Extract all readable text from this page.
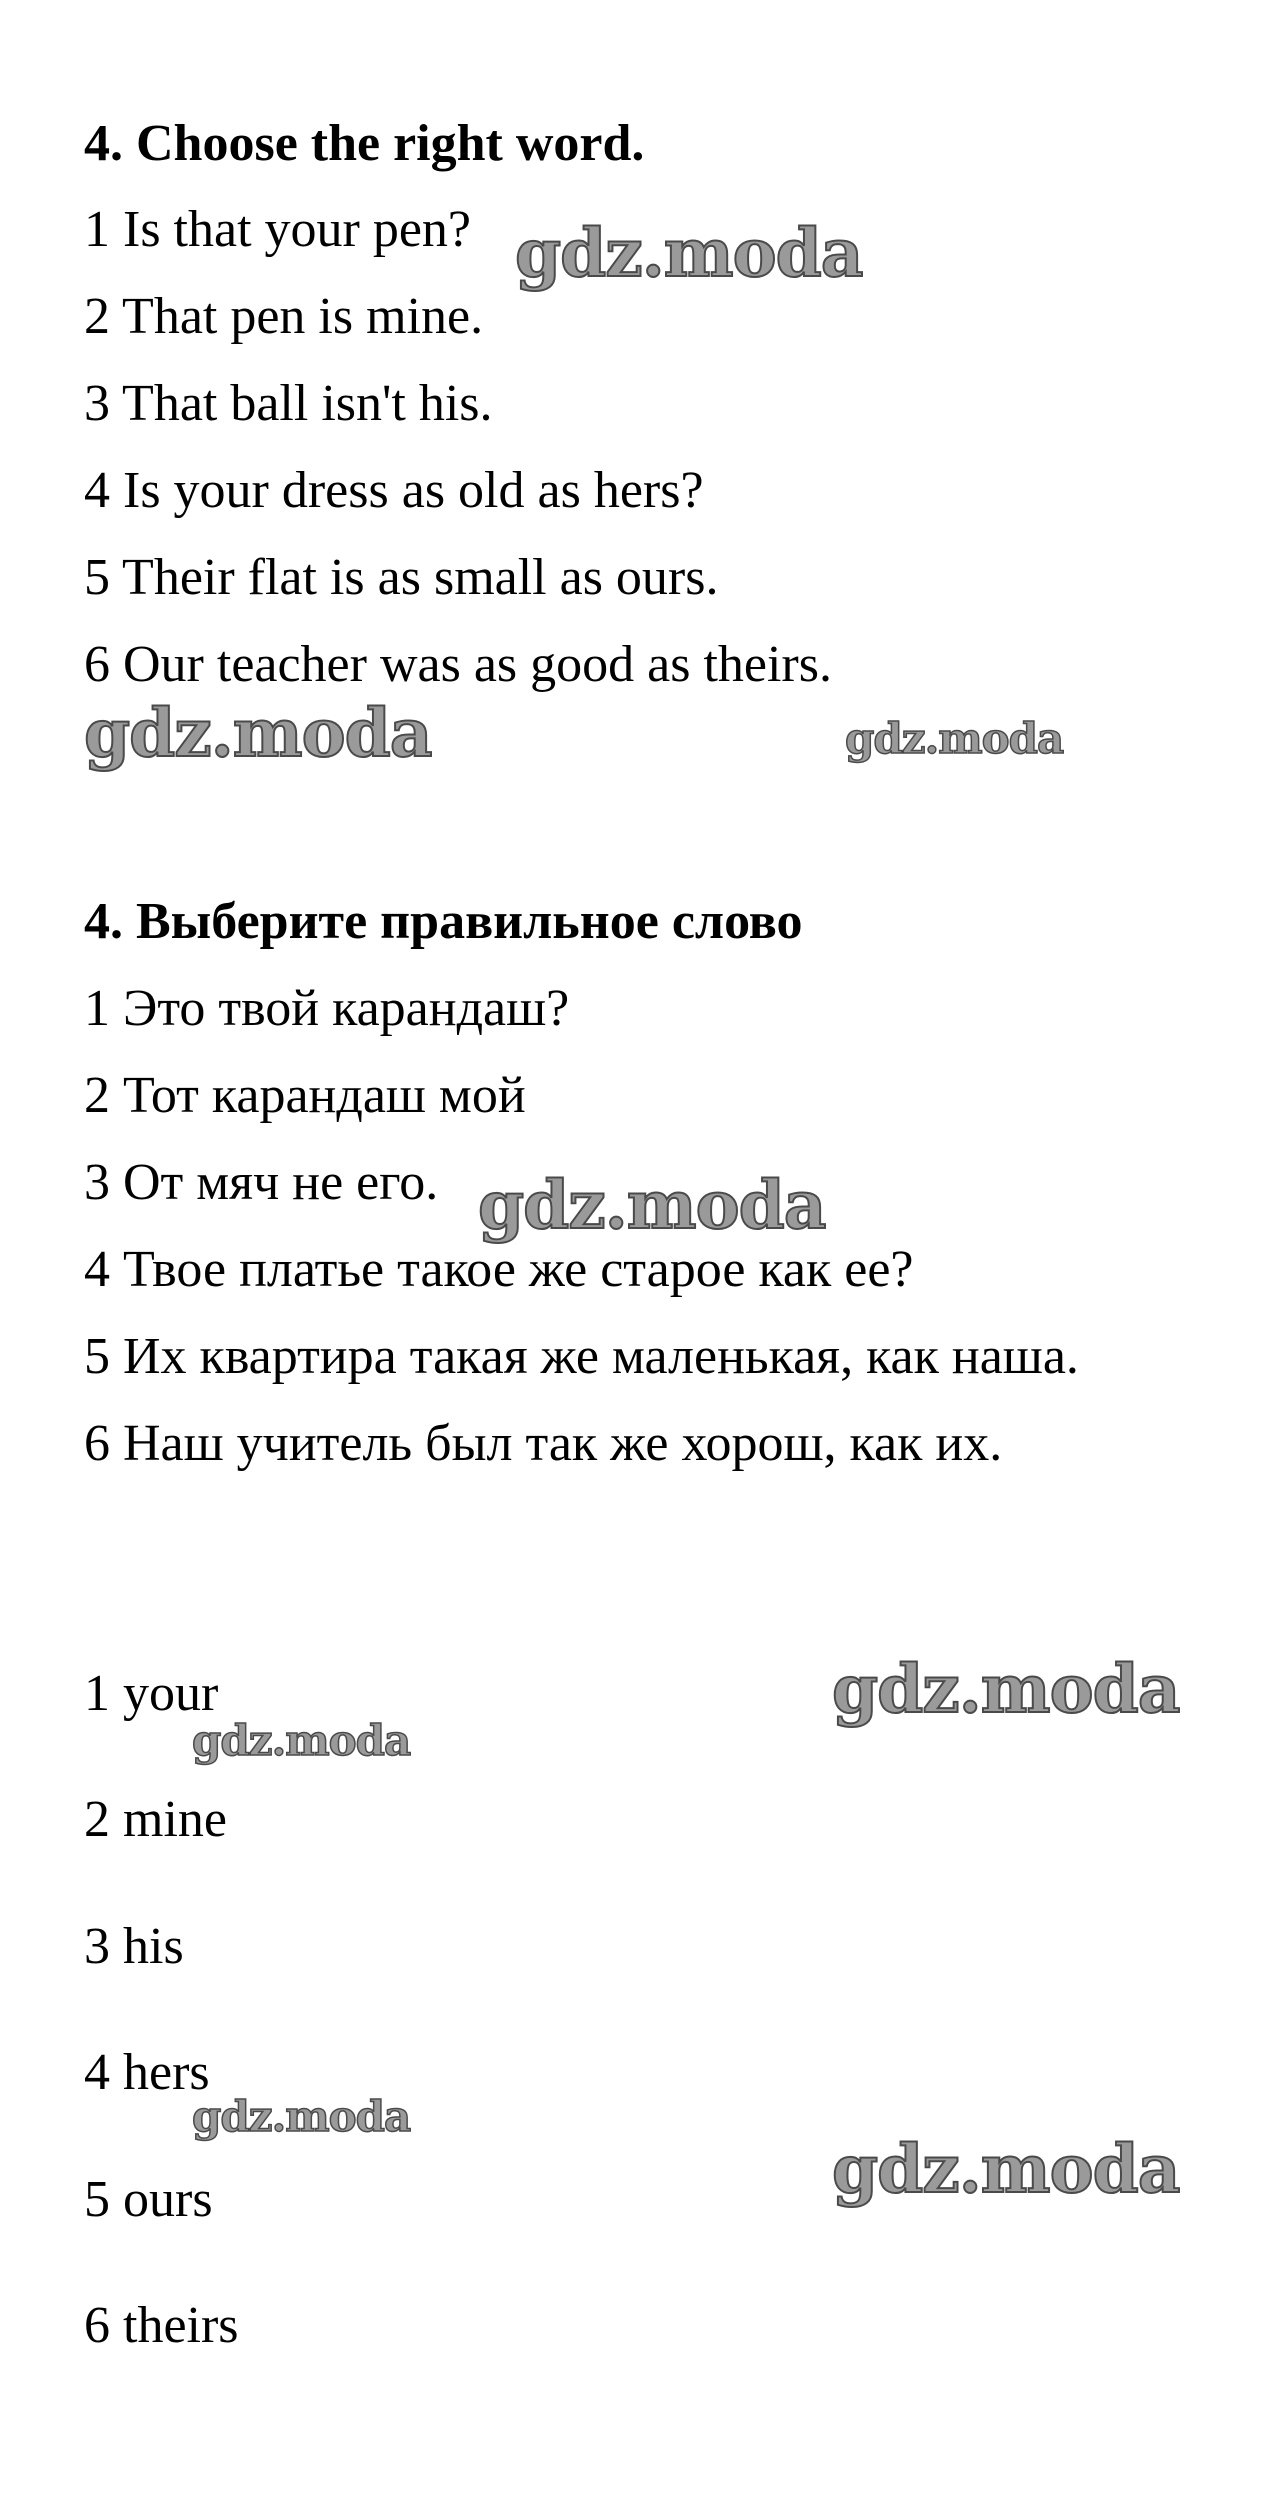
4. Choose the right word.
1 Is that your pen?
2 That pen is mine.
3 That ball isn't his.
4 Is your dress as old as hers?
5 Their flat is as small as ours.
6 Our teacher was as good as theirs.
4. Выберите правильное слово
1 Это твой карандаш?
2 Тот карандаш мой
3 От мяч не его.
4 Твое платье такое же старое как ее?
5 Их квартира такая же маленькая, как наша.
6 Наш учитель был так же хорош, как их.
1 your
2 mine
3 his
4 hers
5 ours
6 theirs
gdz.moda
gdz.moda	gdz.moda
gdz.moda
gdz.moda
gdz.moda
gdz.moda
gdz.moda
